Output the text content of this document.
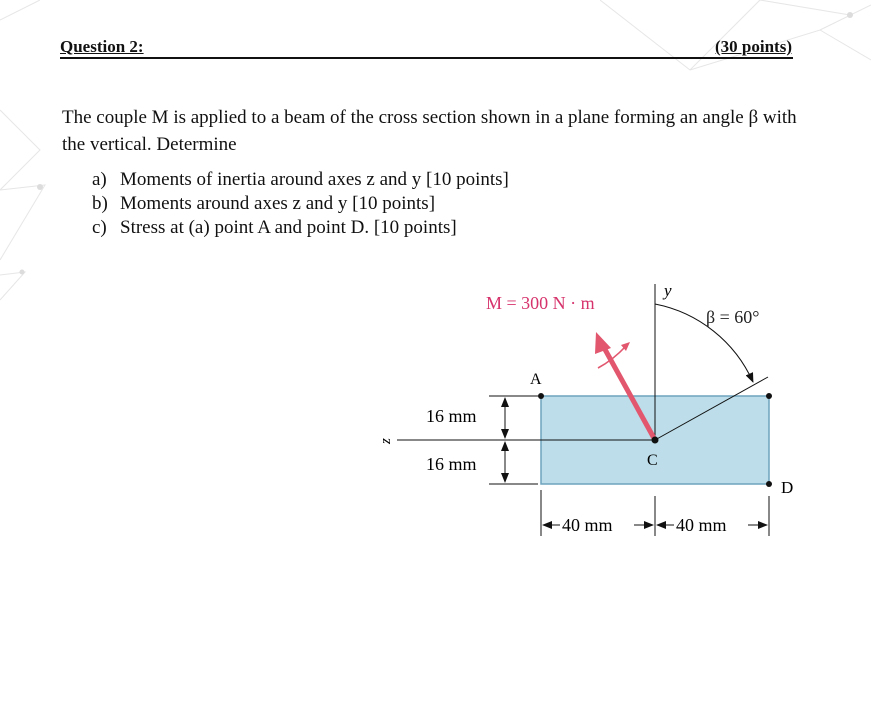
Question 2:	(30 points)
The couple M is applied to a beam of the cross section shown in a plane forming an angle β with the vertical. Determine
a) Moments of inertia around axes z and y [10 points]
b) Moments around axes z and y [10 points]
c) Stress at (a) point A and point D. [10 points]
z
y
β = 60°
M = 300 N · m
A
C
D
16 mm
16 mm
40 mm	40 mm
